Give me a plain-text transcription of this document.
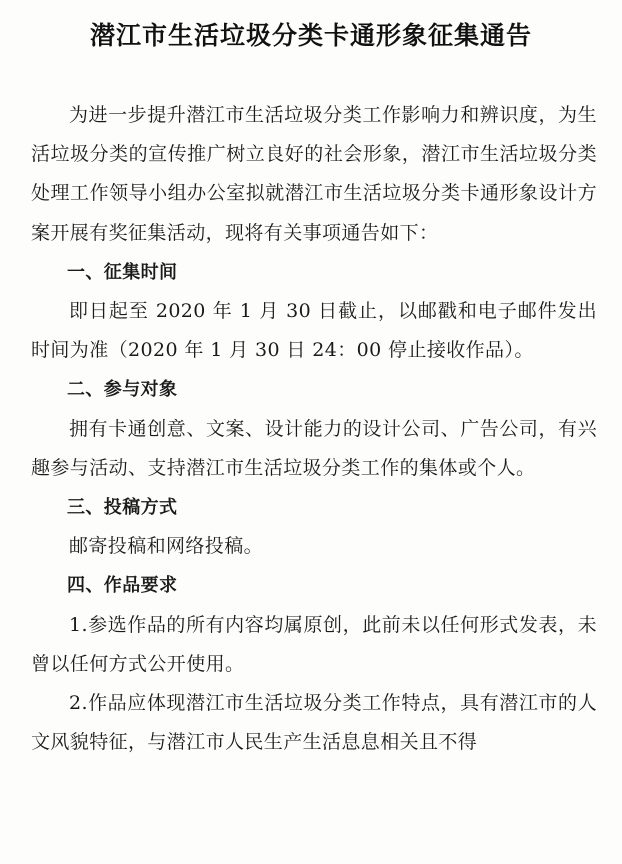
潜江市生活垃圾分类卡通形象征集通告

为进一步提升潜江市生活垃圾分类工作影响力和辨识度，为生活垃圾分类的宣传推广树立良好的社会形象，潜江市生活垃圾分类处理工作领导小组办公室拟就潜江市生活垃圾分类卡通形象设计方案开展有奖征集活动，现将有关事项通告如下：

一、征集时间

即日起至 2020 年 1 月 30 日截止，以邮戳和电子邮件发出时间为准（2020 年 1 月 30 日 24：00 停止接收作品）。

二、参与对象

拥有卡通创意、文案、设计能力的设计公司、广告公司，有兴趣参与活动、支持潜江市生活垃圾分类工作的集体或个人。

三、投稿方式

邮寄投稿和网络投稿。

四、作品要求

1.参选作品的所有内容均属原创，此前未以任何形式发表，未曾以任何方式公开使用。

2.作品应体现潜江市生活垃圾分类工作特点，具有潜江市的人文风貌特征，与潜江市人民生产生活息息相关且不得
